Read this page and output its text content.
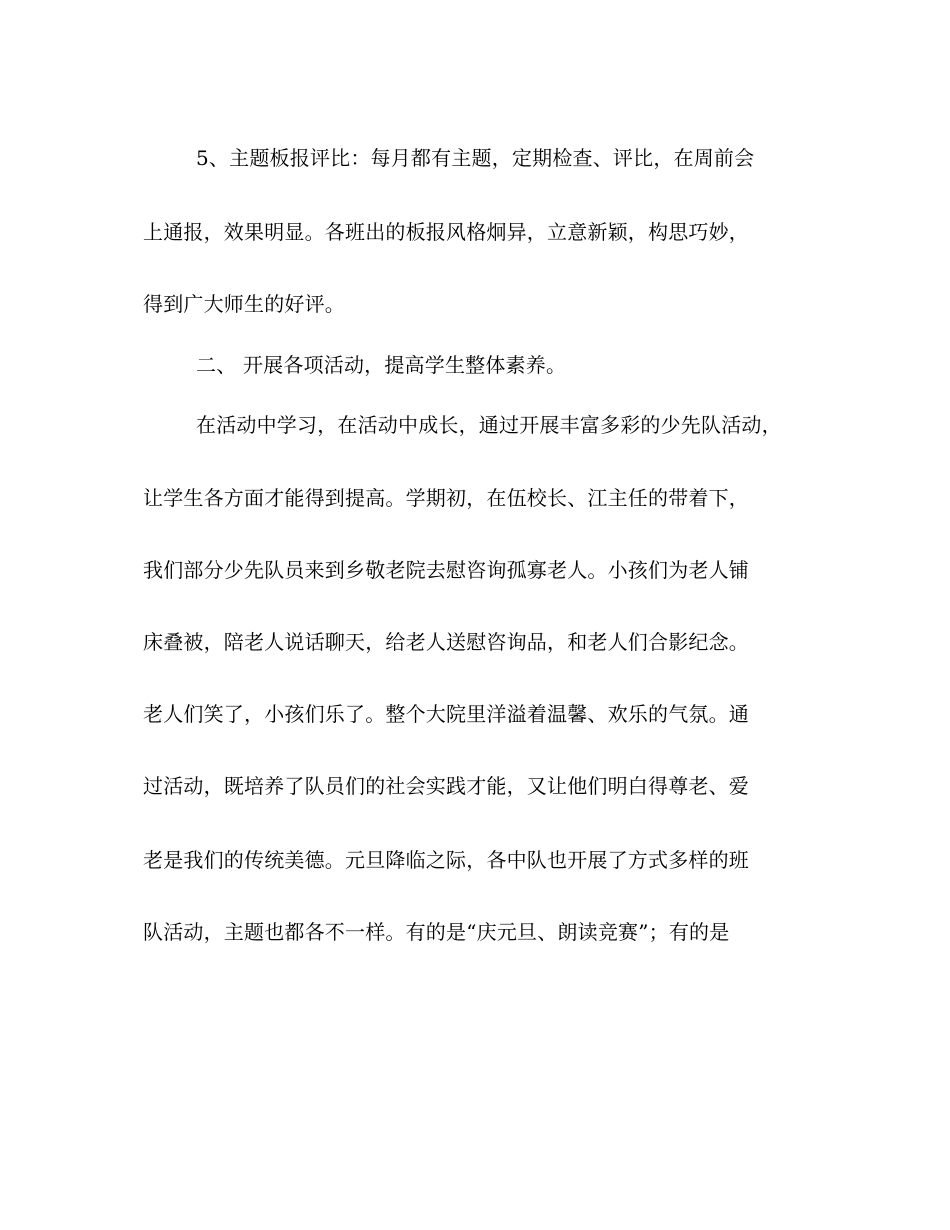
5、主题板报评比：每月都有主题，定期检查、评比，在周前会
上通报，效果明显。各班出的板报风格炯异，立意新颖，构思巧妙，
得到广大师生的好评。
二、 开展各项活动，提高学生整体素养。
在活动中学习，在活动中成长，通过开展丰富多彩的少先队活动，
让学生各方面才能得到提高。学期初，在伍校长、江主任的带着下，
我们部分少先队员来到乡敬老院去慰咨询孤寡老人。小孩们为老人铺
床叠被，陪老人说话聊天，给老人送慰咨询品，和老人们合影纪念。
老人们笑了，小孩们乐了。整个大院里洋溢着温馨、欢乐的气氛。通
过活动，既培养了队员们的社会实践才能，又让他们明白得尊老、爱
老是我们的传统美德。元旦降临之际，各中队也开展了方式多样的班
队活动，主题也都各不一样。有的是“庆元旦、朗读竞赛”；有的是
